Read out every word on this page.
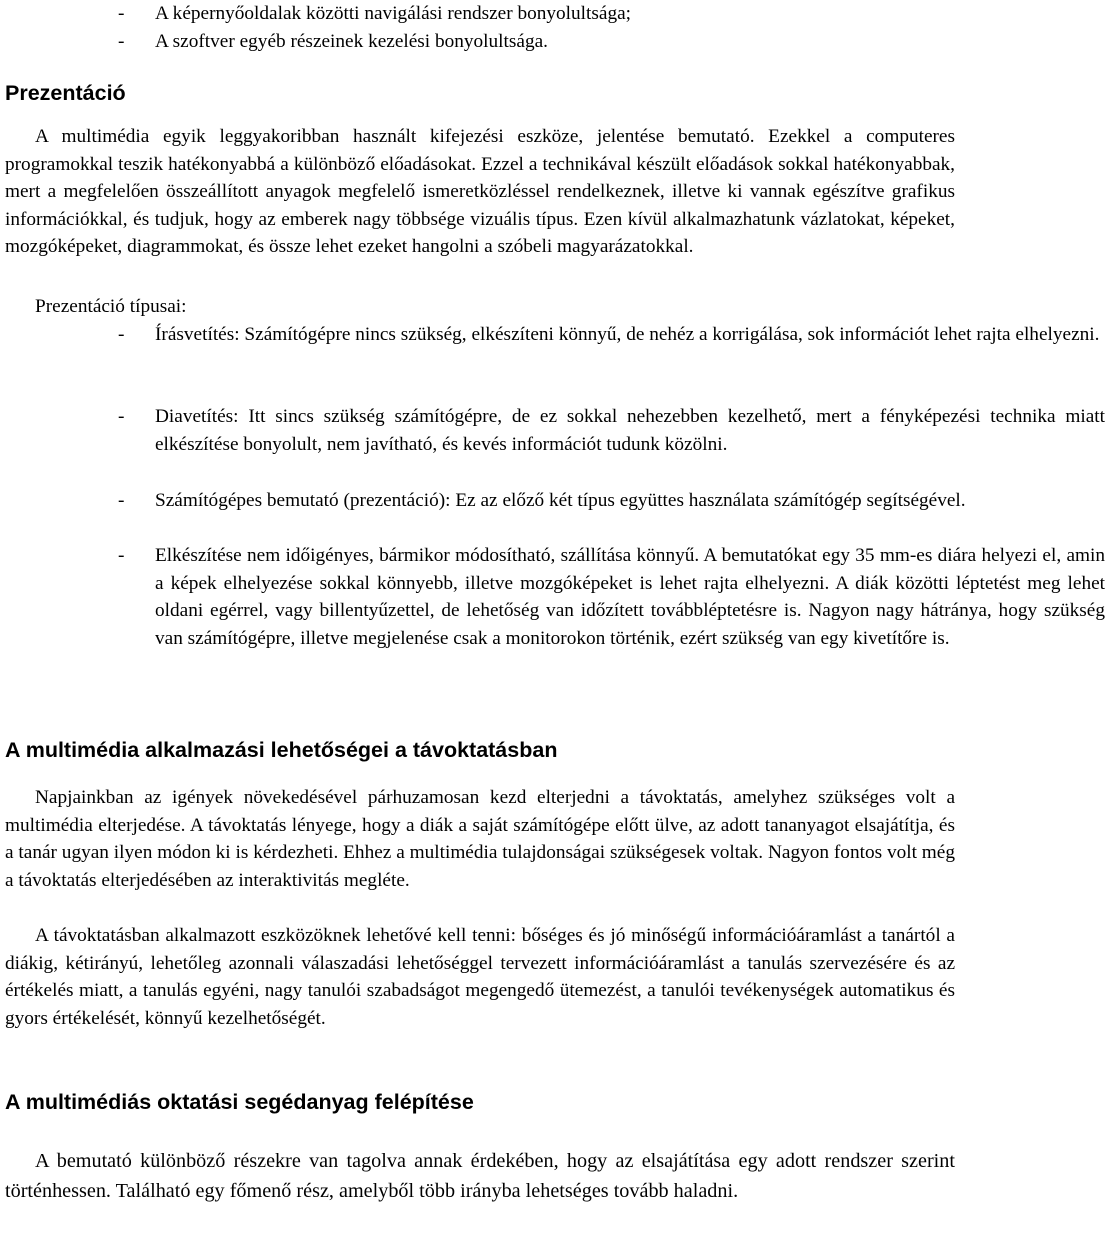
- A képernyőoldalak közötti navigálási rendszer bonyolultsága;
- A szoftver egyéb részeinek kezelési bonyolultsága.
Prezentáció

A multimédia egyik leggyakoribban használt kifejezési eszköze, jelentése bemutató. Ezekkel a computeres programokkal teszik hatékonyabbá a különböző előadásokat. Ezzel a technikával készült előadások sokkal hatékonyabbak, mert a megfelelően összeállított anyagok megfelelő ismeretközléssel rendelkeznek, illetve ki vannak egészítve grafikus információkkal, és tudjuk, hogy az emberek nagy többsége vizuális típus. Ezen kívül alkalmazhatunk vázlatokat, képeket, mozgóképeket, diagrammokat, és össze lehet ezeket hangolni a szóbeli magyarázatokkal.

Prezentáció típusai:
- Írásvetítés: Számítógépre nincs szükség, elkészíteni könnyű, de nehéz a korrigálása, sok információt lehet rajta elhelyezni.
- Diavetítés: Itt sincs szükség számítógépre, de ez sokkal nehezebben kezelhető, mert a fényképezési technika miatt elkészítése bonyolult, nem javítható, és kevés információt tudunk közölni.
- Számítógépes bemutató (prezentáció): Ez az előző két típus együttes használata számítógép segítségével.
- Elkészítése nem időigényes, bármikor módosítható, szállítása könnyű. A bemutatókat egy 35 mm-es diára helyezi el, amin a képek elhelyezése sokkal könnyebb, illetve mozgóképeket is lehet rajta elhelyezni. A diák közötti léptetést meg lehet oldani egérrel, vagy billentyűzettel, de lehetőség van időzített továbbléptetésre is. Nagyon nagy hátránya, hogy szükség van számítógépre, illetve megjelenése csak a monitorokon történik, ezért szükség van egy kivetítőre is.
A multimédia alkalmazási lehetőségei a távoktatásban

Napjainkban az igények növekedésével párhuzamosan kezd elterjedni a távoktatás, amelyhez szükséges volt a multimédia elterjedése. A távoktatás lényege, hogy a diák a saját számítógépe előtt ülve, az adott tananyagot elsajátítja, és a tanár ugyan ilyen módon ki is kérdezheti. Ehhez a multimédia tulajdonságai szükségesek voltak. Nagyon fontos volt még a távoktatás elterjedésében az interaktivitás megléte.

A távoktatásban alkalmazott eszközöknek lehetővé kell tenni: bőséges és jó minőségű információáramlást a tanártól a diákig, kétirányú, lehetőleg azonnali válaszadási lehetőséggel tervezett információáramlást a tanulás szervezésére és az értékelés miatt, a tanulás egyéni, nagy tanulói szabadságot megengedő ütemezést, a tanulói tevékenységek automatikus és gyors értékelését, könnyű kezelhetőségét.

A multimédiás oktatási segédanyag felépítése

A bemutató különböző részekre van tagolva annak érdekében, hogy az elsajátítása egy adott rendszer szerint történhessen. Található egy főmenő rész, amelyből több irányba lehetséges tovább haladni.
